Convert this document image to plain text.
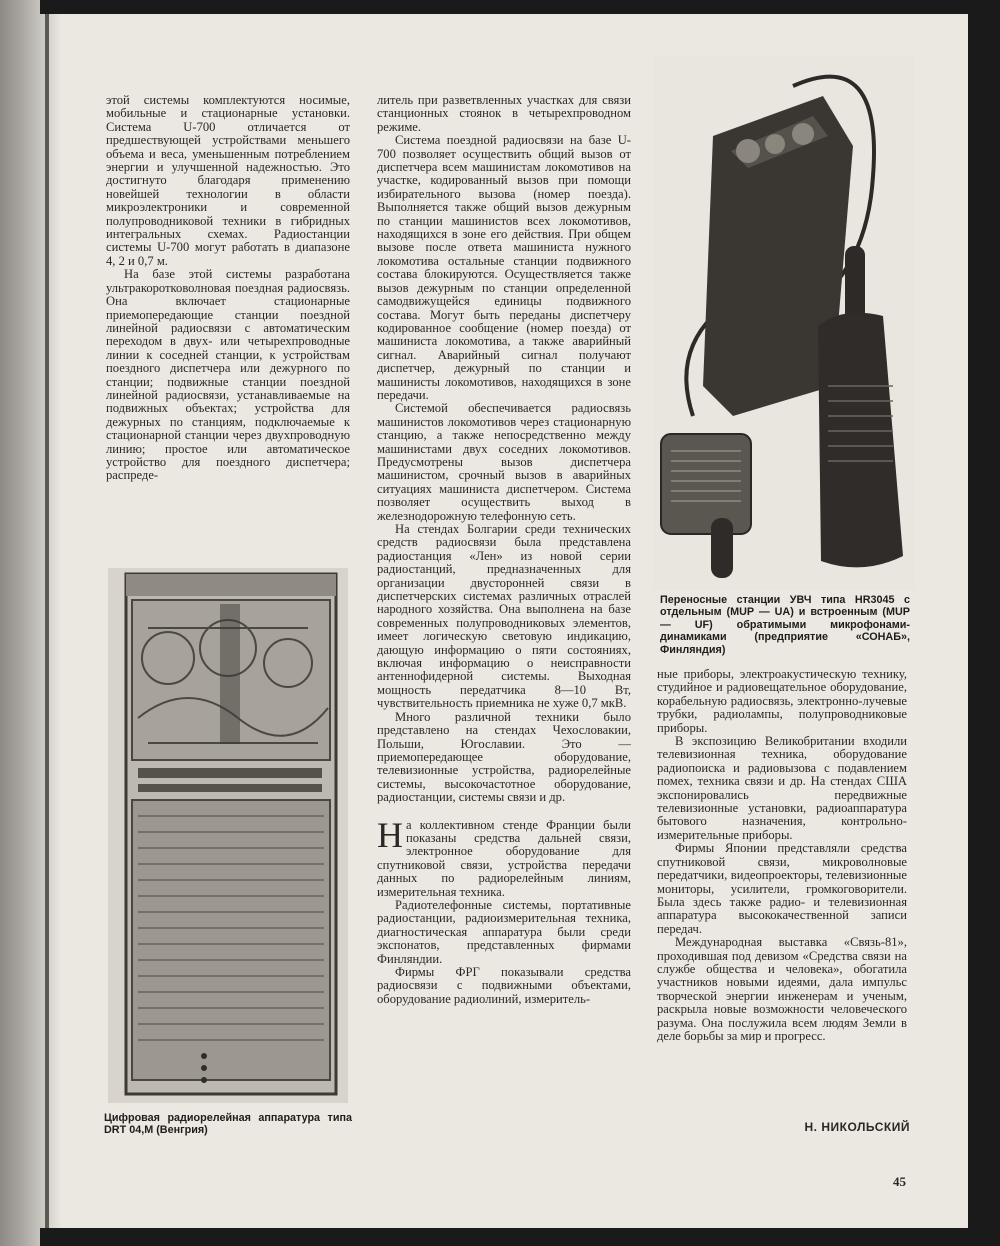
этой системы комплектуются носимые, мобильные и стационарные установки. Система U-700 отличается от предшествующей устройствами меньшего объема и веса, уменьшенным потреблением энергии и улучшенной надежностью. Это достигнуто благодаря применению новейшей технологии в области микроэлектроники и современной полупроводниковой техники в гибридных интегральных схемах. Радиостанции системы U-700 могут работать в диапазоне 4, 2 и 0,7 м.

На базе этой системы разработана ультракоротковолновая поездная радиосвязь. Она включает стационарные приемопередающие станции поездной линейной радиосвязи с автоматическим переходом в двух- или четырехпроводные линии к соседней станции, к устройствам поездного диспетчера или дежурного по станции; подвижные станции поездной линейной радиосвязи, устанавливаемые на подвижных объектах; устройства для дежурных по станциям, подключаемые к стационарной станции через двухпроводную линию; простое или автоматическое устройство для поездного диспетчера; распреде-

литель при разветвленных участках для связи станционных стоянок в четырехпроводном режиме.

Система поездной радиосвязи на базе U-700 позволяет осуществить общий вызов от диспетчера всем машинистам локомотивов на участке, кодированный вызов при помощи избирательного вызова (номер поезда). Выполняется также общий вызов дежурным по станции машинистов всех локомотивов, находящихся в зоне его действия. При общем вызове после ответа машиниста нужного локомотива остальные станции подвижного состава блокируются. Осуществляется также вызов дежурным по станции определенной самодвижущейся единицы подвижного состава. Могут быть переданы диспетчеру кодированное сообщение (номер поезда) от машиниста локомотива, а также аварийный сигнал. Аварийный сигнал получают диспетчер, дежурный по станции и машинисты локомотивов, находящихся в зоне передачи.

Системой обеспечивается радиосвязь машинистов локомотивов через стационарную станцию, а также непосредственно между машинистами двух соседних локомотивов. Предусмотрены вызов диспетчера машинистом, срочный вызов в аварийных ситуациях машиниста диспетчером. Система позволяет осуществить выход в железнодорожную телефонную сеть.

На стендах Болгарии среди технических средств радиосвязи была представлена радиостанция «Лен» из новой серии радиостанций, предназначенных для организации двусторонней связи в диспетчерских системах различных отраслей народного хозяйства. Она выполнена на базе современных полупроводниковых элементов, имеет логическую световую индикацию, дающую информацию о пяти состояниях, включая информацию о неисправности антеннофидерной системы. Выходная мощность передатчика 8—10 Вт, чувствительность приемника не хуже 0,7 мкВ.

Много различной техники было представлено на стендах Чехословакии, Польши, Югославии. Это — приемопередающее оборудование, телевизионные устройства, радиорелейные системы, высокочастотное оборудование, радиостанции, системы связи и др.

На коллективном стенде Франции были показаны средства дальней связи, электронное оборудование для спутниковой связи, устройства передачи данных по радиорелейным линиям, измерительная техника.

Радиотелефонные системы, портативные радиостанции, радиоизмерительная техника, диагностическая аппаратура были среди экспонатов, представленных фирмами Финляндии.

Фирмы ФРГ показывали средства радиосвязи с подвижными объектами, оборудование радиолиний, измеритель-

ные приборы, электроакустическую технику, студийное и радиовещательное оборудование, корабельную радиосвязь, электронно-лучевые трубки, радиолампы, полупроводниковые приборы.

В экспозицию Великобритании входили телевизионная техника, оборудование радиопоиска и радиовызова с подавлением помех, техника связи и др. На стендах США экспонировались передвижные телевизионные установки, радиоаппаратура бытового назначения, контрольно-измерительные приборы.

Фирмы Японии представляли средства спутниковой связи, микроволновые передатчики, видеопроекторы, телевизионные мониторы, усилители, громкоговорители. Была здесь также радио- и телевизионная аппаратура высококачественной записи передач.

Международная выставка «Связь-81», проходившая под девизом «Средства связи на службе общества и человека», обогатила участников новыми идеями, дала импульс творческой энергии инженерам и ученым, раскрыла новые возможности человеческого разума. Она послужила всем людям Земли в деле борьбы за мир и прогресс.

Цифровая радиорелейная аппаратура типа DRT 04,M (Венгрия)
Переносные станции УВЧ типа HR3045 с отдельным (MUP — UA) и встроенным (MUP — UF) обратимыми микрофонами-динамиками (предприятие «СОНАБ», Финляндия)
Н. НИКОЛЬСКИЙ
45
